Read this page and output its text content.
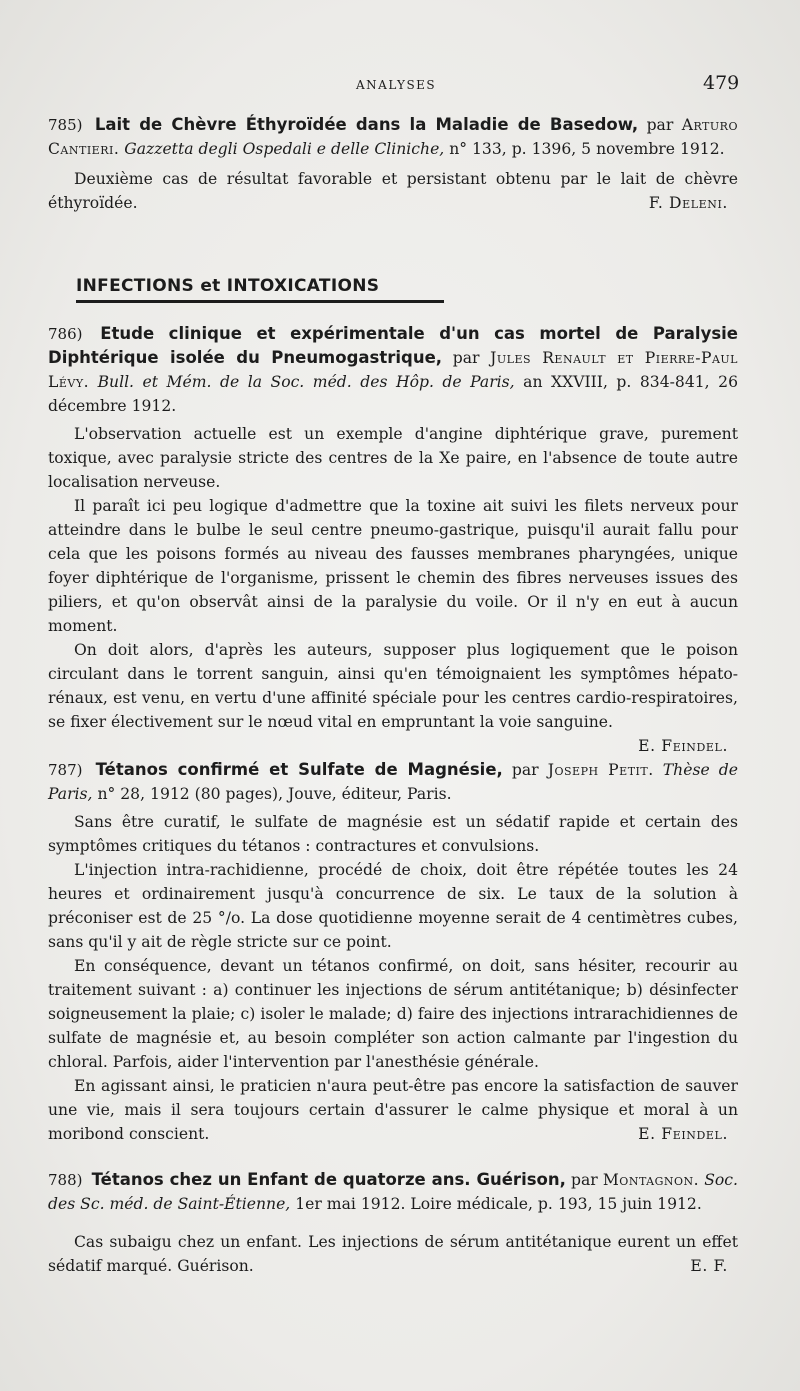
ANALYSES	479

785) Lait de Chèvre Éthyroïdée dans la Maladie de Basedow, par Arturo Cantieri. Gazzetta degli Ospedali e delle Cliniche, n° 133, p. 1396, 5 novembre 1912.

Deuxième cas de résultat favorable et persistant obtenu par le lait de chèvre éthyroïdée.	F. Deleni.

INFECTIONS et INTOXICATIONS

786) Etude clinique et expérimentale d'un cas mortel de Paralysie Diphtérique isolée du Pneumogastrique, par Jules Renault et Pierre-Paul Lévy. Bull. et Mém. de la Soc. méd. des Hôp. de Paris, an XXVIII, p. 834-841, 26 décembre 1912.

L'observation actuelle est un exemple d'angine diphtérique grave, purement toxique, avec paralysie stricte des centres de la Xe paire, en l'absence de toute autre localisation nerveuse.

Il paraît ici peu logique d'admettre que la toxine ait suivi les filets nerveux pour atteindre dans le bulbe le seul centre pneumo-gastrique, puisqu'il aurait fallu pour cela que les poisons formés au niveau des fausses membranes pharyngées, unique foyer diphtérique de l'organisme, prissent le chemin des fibres nerveuses issues des piliers, et qu'on observât ainsi de la paralysie du voile. Or il n'y en eut à aucun moment.

On doit alors, d'après les auteurs, supposer plus logiquement que le poison circulant dans le torrent sanguin, ainsi qu'en témoignaient les symptômes hépato-rénaux, est venu, en vertu d'une affinité spéciale pour les centres cardio-respiratoires, se fixer électivement sur le nœud vital en empruntant la voie sanguine.
E. Feindel.

787) Tétanos confirmé et Sulfate de Magnésie, par Joseph Petit. Thèse de Paris, n° 28, 1912 (80 pages), Jouve, éditeur, Paris.

Sans être curatif, le sulfate de magnésie est un sédatif rapide et certain des symptômes critiques du tétanos : contractures et convulsions.

L'injection intra-rachidienne, procédé de choix, doit être répétée toutes les 24 heures et ordinairement jusqu'à concurrence de six. Le taux de la solution à préconiser est de 25 °/o. La dose quotidienne moyenne serait de 4 centimètres cubes, sans qu'il y ait de règle stricte sur ce point.

En conséquence, devant un tétanos confirmé, on doit, sans hésiter, recourir au traitement suivant : a) continuer les injections de sérum antitétanique; b) désinfecter soigneusement la plaie; c) isoler le malade; d) faire des injections intrarachidiennes de sulfate de magnésie et, au besoin compléter son action calmante par l'ingestion du chloral. Parfois, aider l'intervention par l'anesthésie générale.

En agissant ainsi, le praticien n'aura peut-être pas encore la satisfaction de sauver une vie, mais il sera toujours certain d'assurer le calme physique et moral à un moribond conscient.	E. Feindel.

788) Tétanos chez un Enfant de quatorze ans. Guérison, par Montagnon. Soc. des Sc. méd. de Saint-Étienne, 1er mai 1912. Loire médicale, p. 193, 15 juin 1912.

Cas subaigu chez un enfant. Les injections de sérum antitétanique eurent un effet sédatif marqué. Guérison.	E. F.
